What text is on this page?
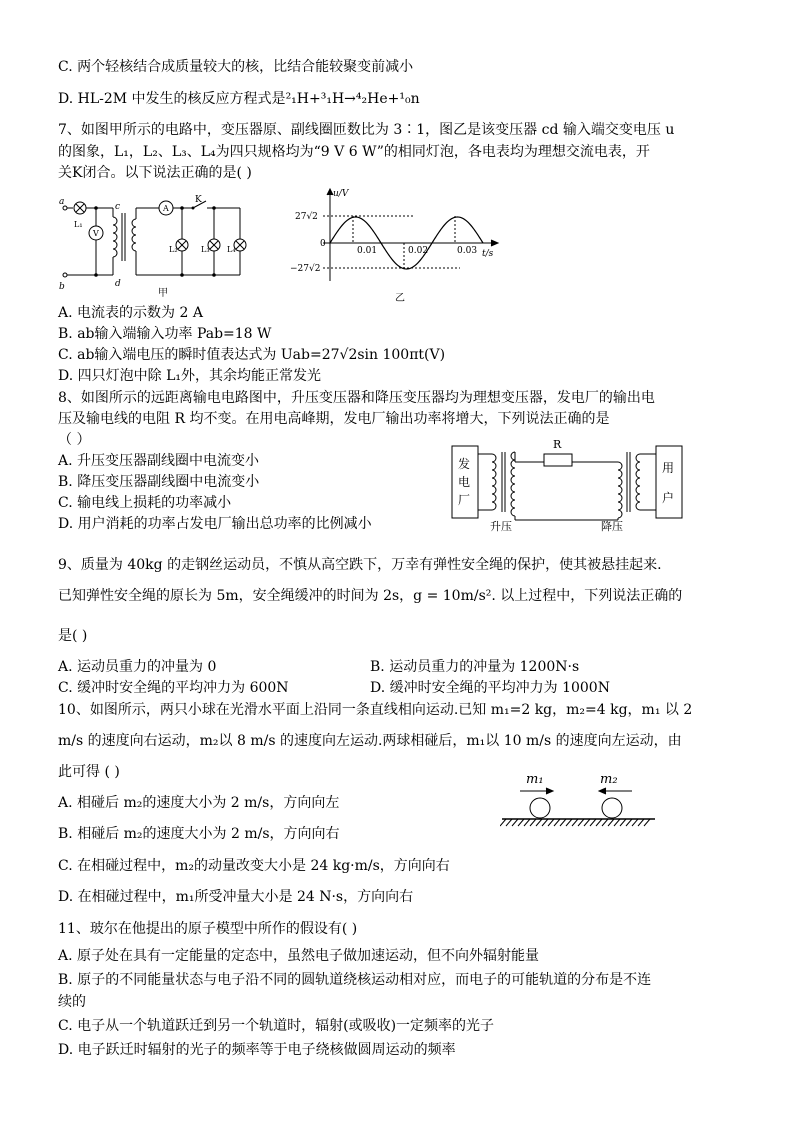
C. 两个轻核结合成质量较大的核，比结合能较聚变前减小
D. HL-2M 中发生的核反应方程式是²₁H+³₁H→⁴₂He+¹₀n
7、如图甲所示的电路中，变压器原、副线圈匝数比为 3∶1，图乙是该变压器 cd 输入端交变电压 u
的图象，L₁，L₂、L₃、L₄为四只规格均为“9 V 6 W”的相同灯泡，各电表均为理想交流电表，开
关K闭合。以下说法正确的是( )
a
b
c
d
L₁
V
A
K
L₂	L₃ L₄
甲
u/V
t/s
27√2
−27√2
0
0.01	0.02	0.03
乙
A. 电流表的示数为 2 A
B. ab输入端输入功率 Pab=18 W
C. ab输入端电压的瞬时值表达式为 Uab=27√2sin 100πt(V)
D. 四只灯泡中除 L₁外，其余均能正常发光
8、如图所示的远距离输电电路图中，升压变压器和降压变压器均为理想变压器，发电厂的输出电
压及输电线的电阻 R 均不变。在用电高峰期，发电厂输出功率将增大，下列说法正确的是
（ ）
A. 升压变压器副线圈中电流变小
B. 降压变压器副线圈中电流变小
C. 输电线上损耗的功率减小
D. 用户消耗的功率占发电厂输出总功率的比例减小
发
电
厂
用
户
R
升压	降压
9、质量为 40kg 的走钢丝运动员，不慎从高空跌下，万幸有弹性安全绳的保护，使其被悬挂起来.
已知弹性安全绳的原长为 5m，安全绳缓冲的时间为 2s，g = 10m/s². 以上过程中，下列说法正确的
是( )
A. 运动员重力的冲量为 0	B. 运动员重力的冲量为 1200N·s
C. 缓冲时安全绳的平均冲力为 600N	D. 缓冲时安全绳的平均冲力为 1000N
10、如图所示，两只小球在光滑水平面上沿同一条直线相向运动.已知 m₁=2 kg，m₂=4 kg，m₁ 以 2
m/s 的速度向右运动，m₂以 8 m/s 的速度向左运动.两球相碰后，m₁以 10 m/s 的速度向左运动，由
此可得 ( )
A. 相碰后 m₂的速度大小为 2 m/s，方向向左
B. 相碰后 m₂的速度大小为 2 m/s，方向向右
C. 在相碰过程中，m₂的动量改变大小是 24 kg·m/s，方向向右
D. 在相碰过程中，m₁所受冲量大小是 24 N·s，方向向右
m₁	m₂
11、玻尔在他提出的原子模型中所作的假设有( )
A. 原子处在具有一定能量的定态中，虽然电子做加速运动，但不向外辐射能量
B. 原子的不同能量状态与电子沿不同的圆轨道绕核运动相对应，而电子的可能轨道的分布是不连
续的
C. 电子从一个轨道跃迁到另一个轨道时，辐射(或吸收)一定频率的光子
D. 电子跃迁时辐射的光子的频率等于电子绕核做圆周运动的频率
